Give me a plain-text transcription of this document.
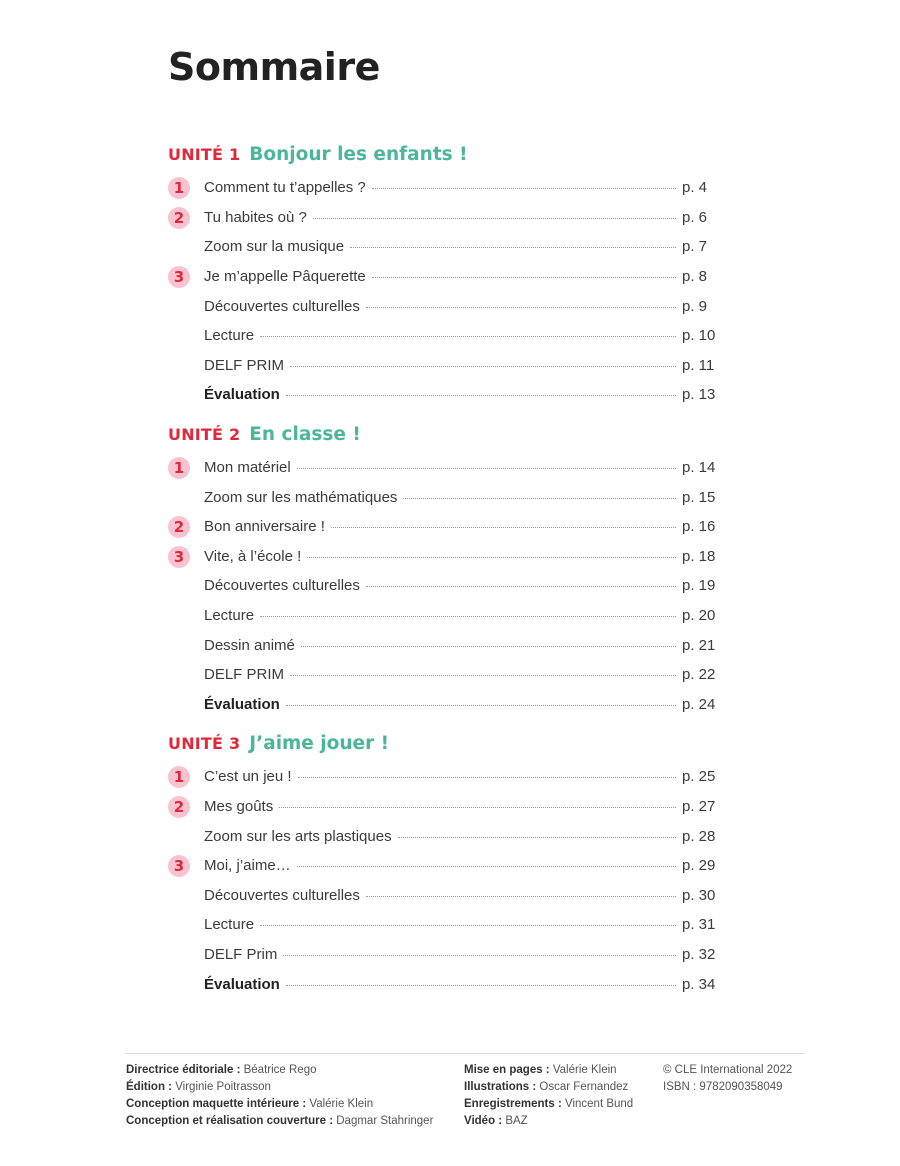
Sommaire
UNITÉ 1 Bonjour les enfants !
1	Comment tu t’appelles ?	p. 4
2	Tu habites où ?	p. 6
Zoom sur la musique	p. 7
3	Je m’appelle Pâquerette	p. 8
Découvertes culturelles	p. 9
Lecture	p. 10
DELF PRIM	p. 11
Évaluation	p. 13
UNITÉ 2 En classe !
1	Mon matériel	p. 14
Zoom sur les mathématiques	p. 15
2	Bon anniversaire !	p. 16
3	Vite, à l’école !	p. 18
Découvertes culturelles	p. 19
Lecture	p. 20
Dessin animé	p. 21
DELF PRIM	p. 22
Évaluation	p. 24
UNITÉ 3 J’aime jouer !
1	C’est un jeu !	p. 25
2	Mes goûts	p. 27
Zoom sur les arts plastiques	p. 28
3	Moi, j’aime…	p. 29
Découvertes culturelles	p. 30
Lecture	p. 31
DELF Prim	p. 32
Évaluation	p. 34
Directrice éditoriale : Béatrice Rego
Édition : Virginie Poitrasson
Conception maquette intérieure : Valérie Klein
Conception et réalisation couverture : Dagmar Stahringer
Mise en pages : Valérie Klein
Illustrations : Oscar Fernandez
Enregistrements : Vincent Bund
Vidéo : BAZ
© CLE International 2022
ISBN : 9782090358049
